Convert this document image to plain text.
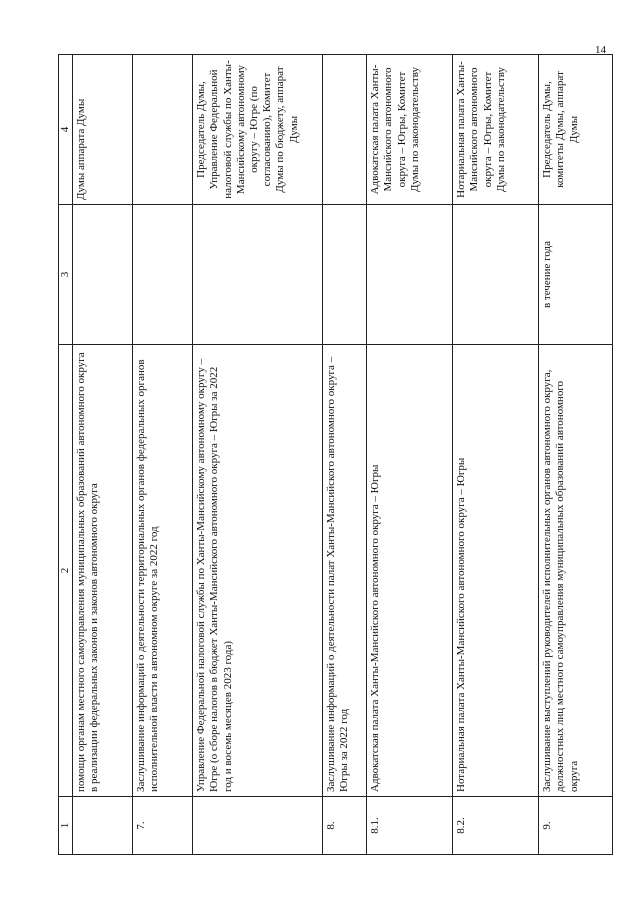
14
1	2	3	4
	помощи органам местного самоуправления муниципальных образований автономного округа в реализации федеральных законов и законов автономного округа		Думы аппарата Думы
7.	Заслушивание информаций о деятельности территориальных органов федеральных органов исполнительной власти в автономном округе за 2022 год		
	Управление Федеральной налоговой службы по Ханты-Мансийскому автономному округу – Югре (о сборе налогов в бюджет Ханты-Мансийского автономного округа – Югры за 2022 год и восемь месяцев 2023 года)		Председатель Думы, Управление Федеральной налоговой службы по Ханты-Мансийскому автономному округу – Югре (по согласованию), Комитет Думы по бюджету, аппарат Думы
8.	Заслушивание информаций о деятельности палат Ханты-Мансийского автономного округа – Югры за 2022 год		
8.1.	Адвокатская палата Ханты-Мансийского автономного округа – Югры		Адвокатская палата Ханты-Мансийского автономного округа – Югры, Комитет Думы по законодательству
8.2.	Нотариальная палата Ханты-Мансийского автономного округа – Югры		Нотариальная палата Ханты-Мансийского автономного округа – Югры, Комитет Думы по законодательству
9.	Заслушивание выступлений руководителей исполнительных органов автономного округа, должностных лиц местного самоуправления муниципальных образований автономного округа	в течение года	Председатель Думы, комитеты Думы, аппарат Думы
